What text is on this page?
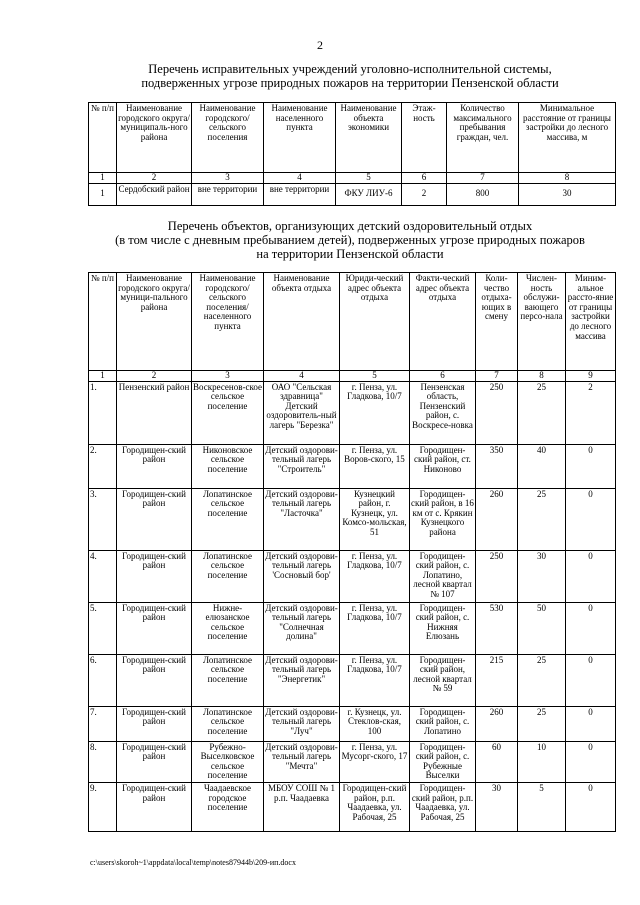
2
Перечень исправительных учреждений уголовно-исполнительной системы,
подверженных угрозе природных пожаров на территории Пензенской области
№ п/п	Наименование городского округа/ муниципаль-ного района	Наименование городского/ сельского поселения	Наименование населенного пункта	Наименование объекта экономики	Этаж-ность	Количество максимального пребывания граждан, чел.	Минимальное расстояние от границы застройки до лесного массива, м
1	2	3	4	5	6	7	8
1	Сердобский район	вне территории	вне территории	ФКУ ЛИУ-6	2	800	30
Перечень объектов, организующих детский оздоровительный отдых
(в том числе с дневным пребыванием детей), подверженных угрозе природных пожаров
на территории Пензенской области
№ п/п	Наименование городского округа/ муници-пального района	Наименование городского/ сельского поселения/ населенного пункта	Наименование объекта отдыха	Юриди-ческий адрес объекта отдыха	Факти-ческий адрес объекта отдыха	Коли-чество отдыха-ющих в смену	Числен-ность обслужи-вающего персо-нала	Миним-альное рассто-яние от границы застройки до лесного массива
1	2	3	4	5	6	7	8	9
1.	Пензенский район	Воскресенов-ское сельское поселение	ОАО "Сельская здравница" Детский оздоровитель-ный лагерь "Березка"	г. Пенза, ул. Гладкова, 10/7	Пензенская область, Пензенский район, с. Воскресе-новка	250	25	2
2.	Городищен-ский район	Никоновское сельское поселение	Детский оздорови-тельный лагерь "Строитель"	г. Пенза, ул. Воров-ского, 15	Городищен-ский район, ст. Никоново	350	40	0
3.	Городищен-ский район	Лопатинское сельское поселение	Детский оздорови-тельный лагерь "Ласточка"	Кузнецкий район, г. Кузнецк, ул. Комсо-мольская, 51	Городищен-ский район, в 16 км от с. Крякин Кузнецкого района	260	25	0
4.	Городищен-ский район	Лопатинское сельское поселение	Детский оздорови-тельный лагерь 'Сосновый бор'	г. Пенза, ул. Гладкова, 10/7	Городищен-ский район, с. Лопатино, лесной квартал № 107	250	30	0
5.	Городищен-ский район	Нижне-елюзанское сельское поселение	Детский оздорови-тельный лагерь "Солнечная долина"	г. Пенза, ул. Гладкова, 10/7	Городищен-ский район, с. Нижняя Елюзань	530	50	0
6.	Городищен-ский район	Лопатинское сельское поселение	Детский оздорови-тельный лагерь "Энергетик"	г. Пенза, ул. Гладкова, 10/7	Городищен-ский район, лесной квартал № 59	215	25	0
7.	Городищен-ский район	Лопатинское сельское поселение	Детский оздорови-тельный лагерь "Луч"	г. Кузнецк, ул. Стеклов-ская, 100	Городищен-ский район, с. Лопатино	260	25	0
8.	Городищен-ский район	Рубежно-Выселковское сельское поселение	Детский оздорови-тельный лагерь "Мечта"	г. Пенза, ул. Мусорг-ского, 17	Городищен-ский район, с. Рубежные Выселки	60	10	0
9.	Городищен-ский район	Чаадаевское городское поселение	МБОУ СОШ № 1 р.п. Чаадаевка	Городищен-ский район, р.п. Чаадаевка, ул. Рабочая, 25	Городищен-ский район, р.п. Чаадаевка, ул. Рабочая, 25	30	5	0
c:\users\skoroh~1\appdata\local\temp\notes87944b\209-ип.docx
